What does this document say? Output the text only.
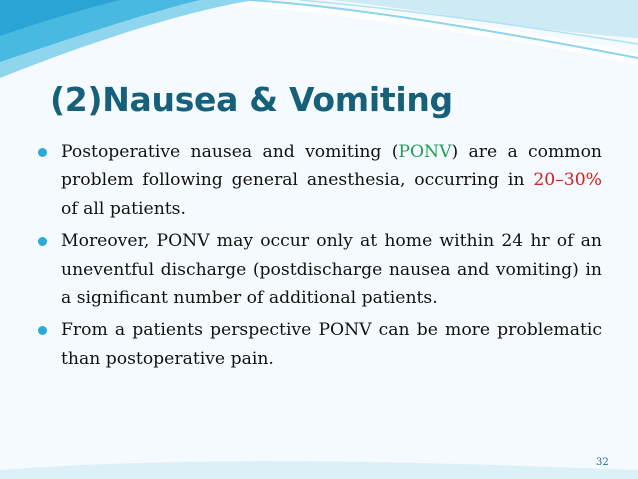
(2)Nausea & Vomiting
Postoperative nausea and vomiting (PONV) are a common problem following general anesthesia, occurring in 20–30% of all patients.
Moreover, PONV may occur only at home within 24 hr of an uneventful discharge (postdischarge nausea and vomiting) in a significant number of additional patients.
From a patients perspective PONV can be more problematic than postoperative pain.
32
